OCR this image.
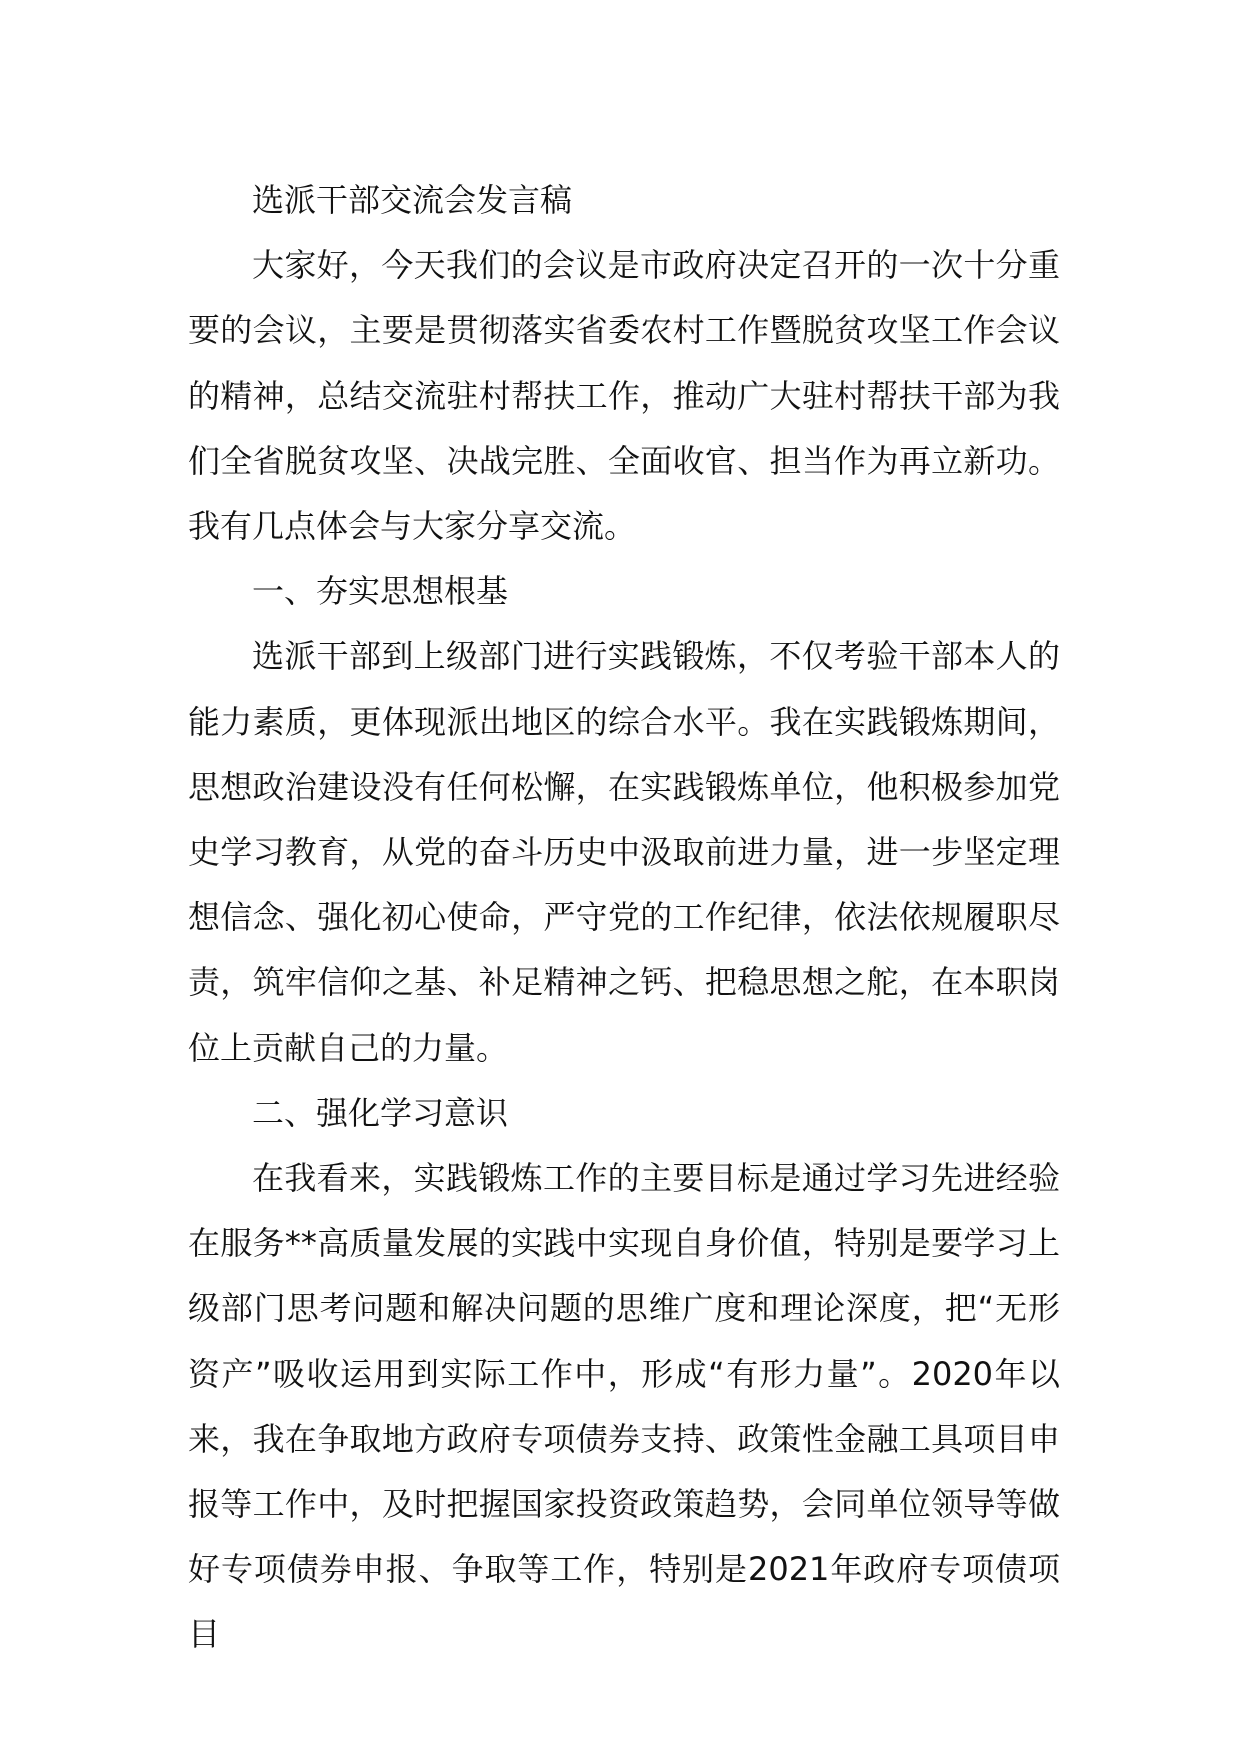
选派干部交流会发言稿

大家好，今天我们的会议是市政府决定召开的一次十分重要的会议，主要是贯彻落实省委农村工作暨脱贫攻坚工作会议的精神，总结交流驻村帮扶工作，推动广大驻村帮扶干部为我们全省脱贫攻坚、决战完胜、全面收官、担当作为再立新功。我有几点体会与大家分享交流。

一、夯实思想根基

选派干部到上级部门进行实践锻炼，不仅考验干部本人的能力素质，更体现派出地区的综合水平。我在实践锻炼期间，思想政治建设没有任何松懈，在实践锻炼单位，他积极参加党史学习教育，从党的奋斗历史中汲取前进力量，进一步坚定理想信念、强化初心使命，严守党的工作纪律，依法依规履职尽责，筑牢信仰之基、补足精神之钙、把稳思想之舵，在本职岗位上贡献自己的力量。

二、强化学习意识

在我看来，实践锻炼工作的主要目标是通过学习先进经验在服务**高质量发展的实践中实现自身价值，特别是要学习上级部门思考问题和解决问题的思维广度和理论深度，把“无形资产”吸收运用到实际工作中，形成“有形力量”。2020年以来，我在争取地方政府专项债券支持、政策性金融工具项目申报等工作中，及时把握国家投资政策趋势，会同单位领导等做好专项债券申报、争取等工作，特别是2021年政府专项债项目
